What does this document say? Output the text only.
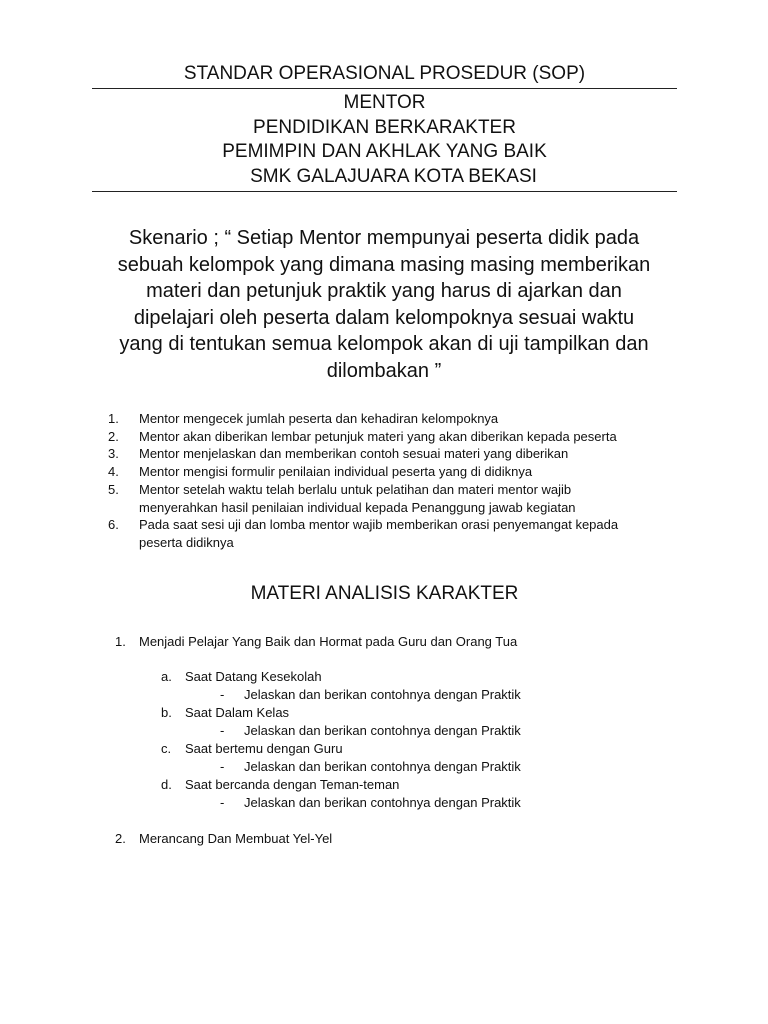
STANDAR OPERASIONAL PROSEDUR (SOP)
MENTOR
PENDIDIKAN BERKARAKTER
PEMIMPIN DAN AKHLAK YANG BAIK
SMK GALAJUARA KOTA BEKASI
Skenario ; “ Setiap Mentor mempunyai peserta didik pada
sebuah kelompok yang dimana masing masing memberikan
materi dan petunjuk praktik yang harus di ajarkan dan
dipelajari oleh peserta dalam kelompoknya sesuai waktu
yang di tentukan semua kelompok akan di uji tampilkan dan
dilombakan ”
1.	Mentor mengecek jumlah peserta dan kehadiran kelompoknya
2.	Mentor akan diberikan lembar petunjuk materi yang akan diberikan kepada peserta
3.	Mentor menjelaskan dan memberikan contoh sesuai materi yang diberikan
4.	Mentor mengisi formulir penilaian individual peserta yang di didiknya
5.	Mentor setelah waktu telah berlalu untuk pelatihan dan materi mentor wajib
menyerahkan hasil penilaian individual kepada Penanggung jawab kegiatan
6.	Pada saat sesi uji dan lomba mentor wajib memberikan orasi penyemangat kepada
peserta didiknya
MATERI ANALISIS KARAKTER
1. Menjadi Pelajar Yang Baik dan Hormat pada Guru dan Orang Tua
a. Saat Datang Kesekolah
- Jelaskan dan berikan contohnya dengan Praktik
b. Saat Dalam Kelas
- Jelaskan dan berikan contohnya dengan Praktik
c. Saat bertemu dengan Guru
- Jelaskan dan berikan contohnya dengan Praktik
d. Saat bercanda dengan Teman-teman
- Jelaskan dan berikan contohnya dengan Praktik
2. Merancang Dan Membuat Yel-Yel
